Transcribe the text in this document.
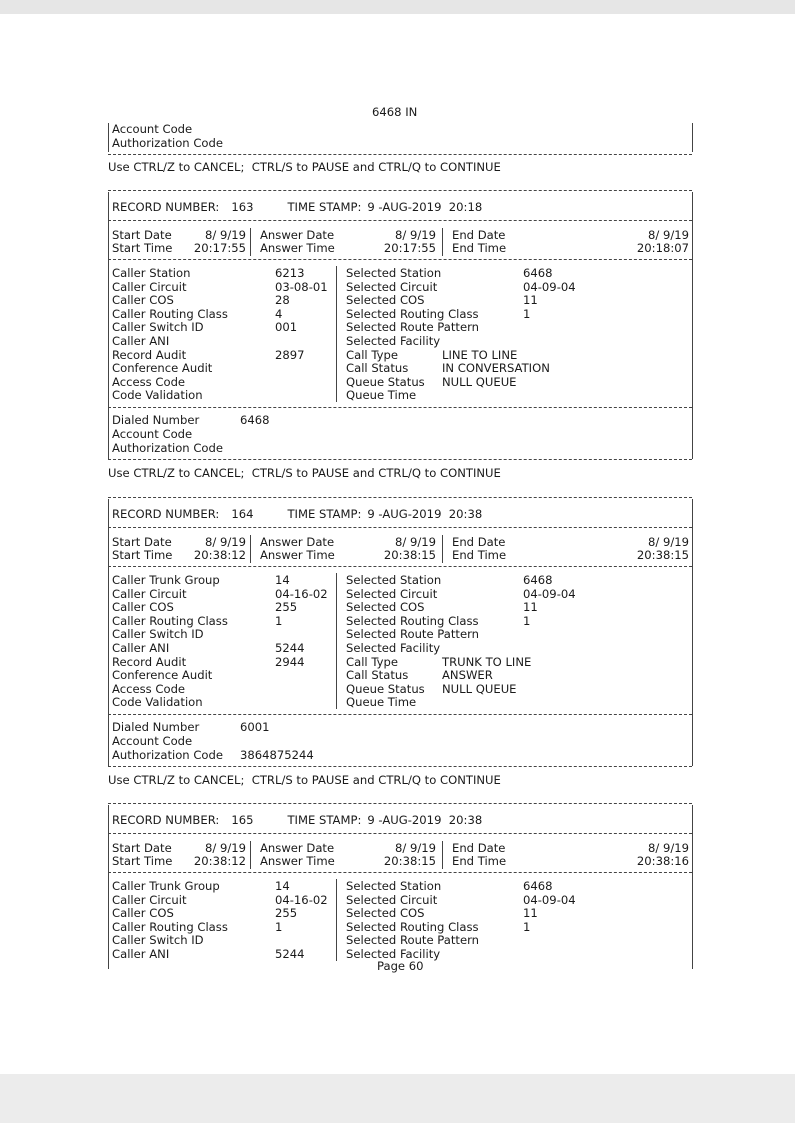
6468 IN
Page 60
Account Code
Authorization Code
Use CTRL/Z to CANCEL;  CTRL/S to PAUSE and CTRL/Q to CONTINUE
RECORD NUMBER: 163	TIME STAMP: 9 -AUG-2019  20:18
Start Date	8/ 9/19
Start Time 20:17:55
Answer Date	8/ 9/19
Answer Time	20:17:55
End Date	8/ 9/19
End Time	20:18:07
Caller Station	6213
Caller Circuit	03-08-01
Caller COS	28
Caller Routing Class	4
Caller Switch ID	001
Caller ANI
Record Audit	2897
Conference Audit
Access Code
Code Validation
Selected Station	6468
Selected Circuit	04-09-04
Selected COS	11
Selected Routing Class	1
Selected Route Pattern
Selected Facility
Call Type	LINE TO LINE
Call Status	IN CONVERSATION
Queue Status NULL QUEUE
Queue Time
Dialed Number	6468
Account Code
Authorization Code
Use CTRL/Z to CANCEL;  CTRL/S to PAUSE and CTRL/Q to CONTINUE
RECORD NUMBER: 164	TIME STAMP: 9 -AUG-2019  20:38
Start Date	8/ 9/19
Start Time 20:38:12
Answer Date	8/ 9/19
Answer Time	20:38:15
End Date	8/ 9/19
End Time	20:38:15
Caller Trunk Group	14
Caller Circuit	04-16-02
Caller COS	255
Caller Routing Class	1
Caller Switch ID
Caller ANI	5244
Record Audit	2944
Conference Audit
Access Code
Code Validation
Selected Station	6468
Selected Circuit	04-09-04
Selected COS	11
Selected Routing Class	1
Selected Route Pattern
Selected Facility
Call Type	TRUNK TO LINE
Call Status	ANSWER
Queue Status NULL QUEUE
Queue Time
Dialed Number	6001
Account Code
Authorization Code 3864875244
Use CTRL/Z to CANCEL;  CTRL/S to PAUSE and CTRL/Q to CONTINUE
RECORD NUMBER: 165	TIME STAMP: 9 -AUG-2019  20:38
Start Date	8/ 9/19
Start Time 20:38:12
Answer Date	8/ 9/19
Answer Time	20:38:15
End Date	8/ 9/19
End Time	20:38:16
Caller Trunk Group	14
Caller Circuit	04-16-02
Caller COS	255
Caller Routing Class	1
Caller Switch ID
Caller ANI	5244
Selected Station	6468
Selected Circuit	04-09-04
Selected COS	11
Selected Routing Class	1
Selected Route Pattern
Selected Facility
